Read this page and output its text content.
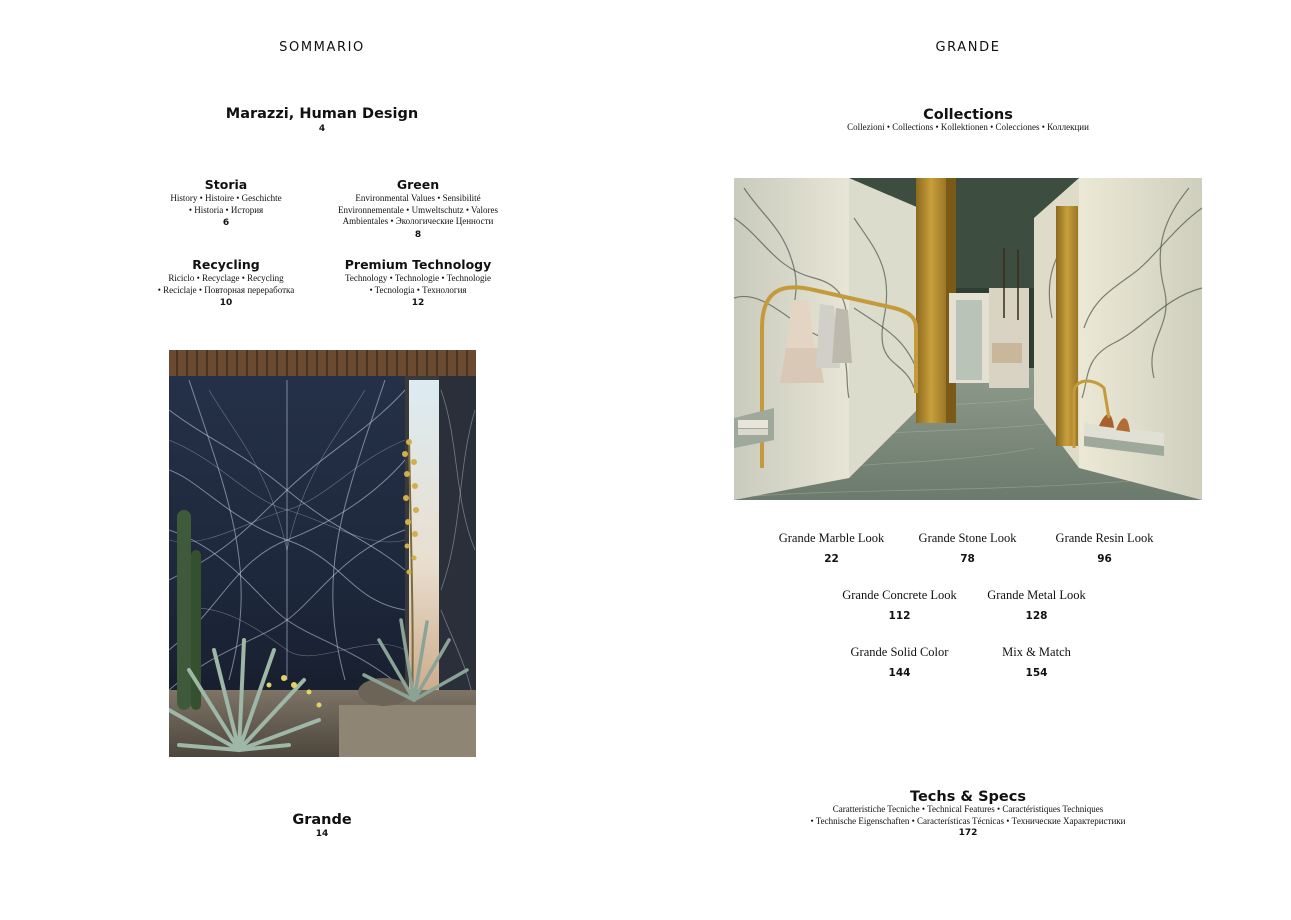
SOMMARIO
Marazzi, Human Design
4
Storia
History • Histoire • Geschichte
• Historia • История
6
Green
Environmental Values • Sensibilité
Environnementale • Umweltschutz • Valores
Ambientales • Экологические Ценности
8
Recycling
Riciclo • Recyclage • Recycling
• Reciclaje • Повторная переработка
10
Premium Technology
Technology • Technologie • Technologie
• Tecnologia • Технология
12
Grande
14
GRANDE
Collections
Collezioni • Collections • Kollektionen • Colecciones • Коллекции
Grande Marble Look
22
Grande Stone Look
78
Grande Resin Look
96
Grande Concrete Look
112
Grande Metal Look
128
Grande Solid Color
144
Mix & Match
154
Techs & Specs
Caratteristiche Tecniche • Technical Features • Caractéristiques Techniques
• Technische Eigenschaften • Características Técnicas • Технические Характеристики
172
